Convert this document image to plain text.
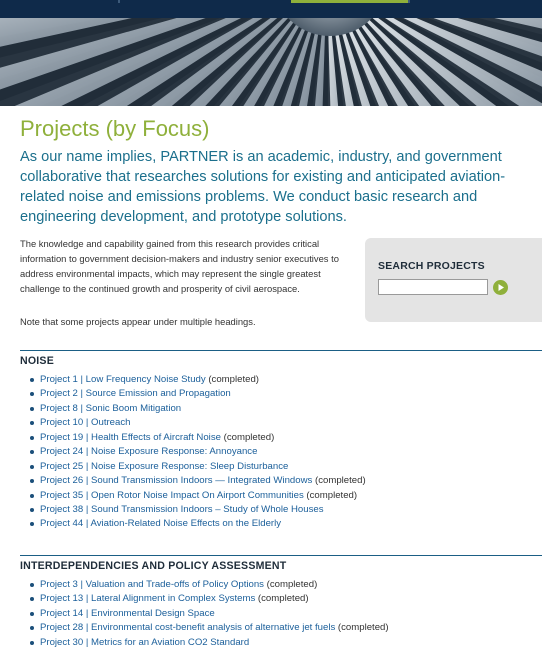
Projects (by Focus)

As our name implies, PARTNER is an academic, industry, and government collaborative that researches solutions for existing and anticipated aviation-related noise and emissions problems. We conduct basic research and engineering development, and prototype solutions.

The knowledge and capability gained from this research provides critical information to government decision-makers and industry senior executives to address environmental impacts, which may represent the single greatest challenge to the continued growth and prosperity of civil aerospace.

Note that some projects appear under multiple headings.

SEARCH PROJECTS
NOISE
Project 1 | Low Frequency Noise Study (completed)
Project 2 | Source Emission and Propagation
Project 8 | Sonic Boom Mitigation
Project 10 | Outreach
Project 19 | Health Effects of Aircraft Noise (completed)
Project 24 | Noise Exposure Response: Annoyance
Project 25 | Noise Exposure Response: Sleep Disturbance
Project 26 | Sound Transmission Indoors — Integrated Windows (completed)
Project 35 | Open Rotor Noise Impact On Airport Communities (completed)
Project 38 | Sound Transmission Indoors – Study of Whole Houses
Project 44 | Aviation-Related Noise Effects on the Elderly
INTERDEPENDENCIES AND POLICY ASSESSMENT
Project 3 | Valuation and Trade-offs of Policy Options (completed)
Project 13 | Lateral Alignment in Complex Systems (completed)
Project 14 | Environmental Design Space
Project 28 | Environmental cost-benefit analysis of alternative jet fuels (completed)
Project 30 | Metrics for an Aviation CO2 Standard
